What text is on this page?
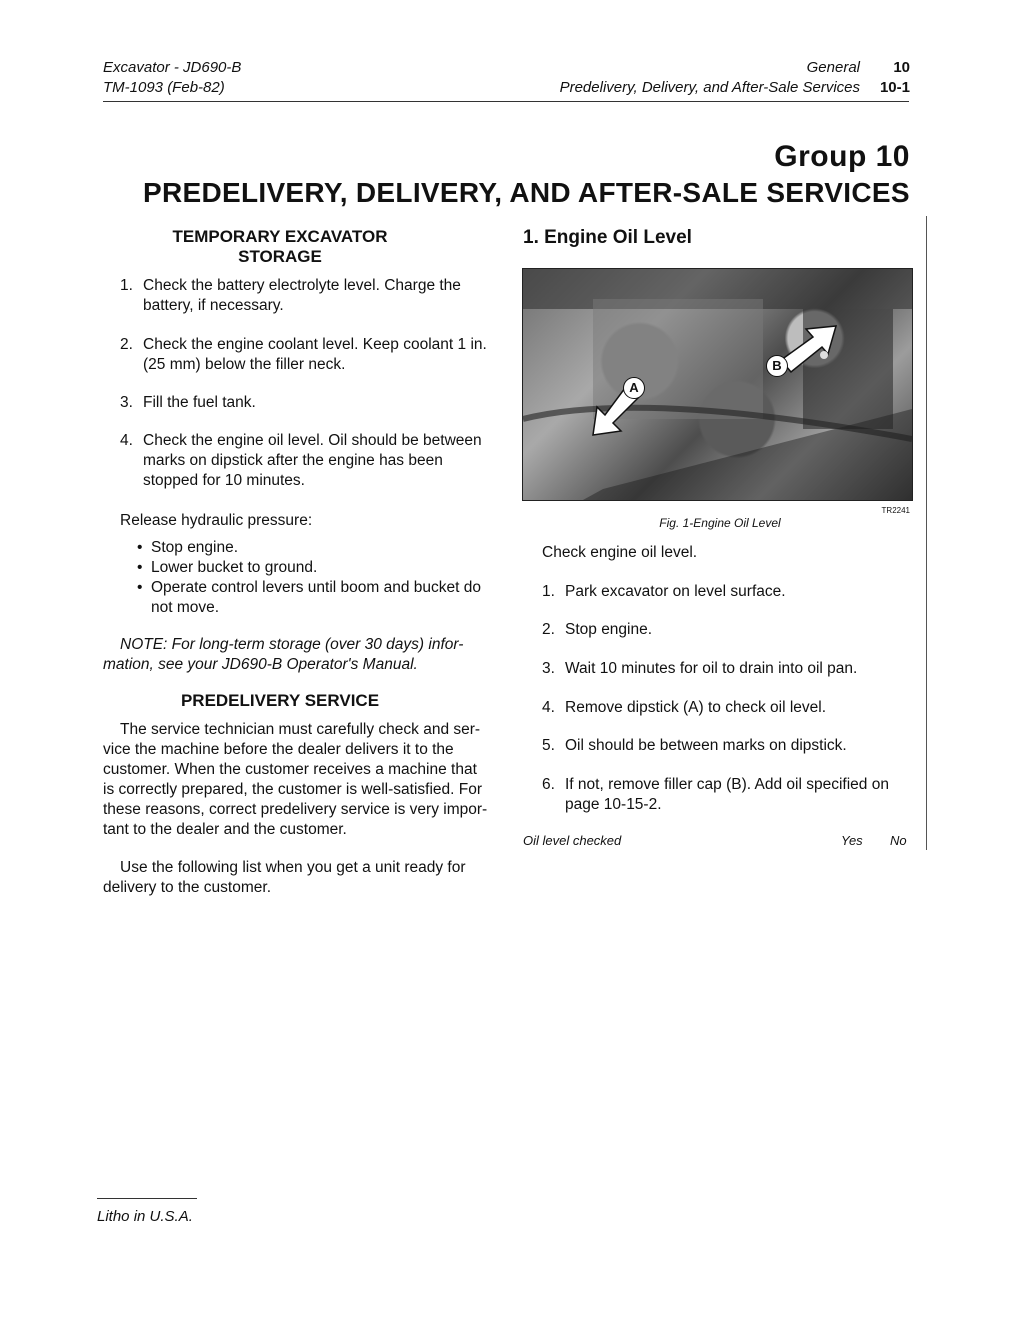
Excavator - JD690-B
TM-1093 (Feb-82)
General	10
Predelivery, Delivery, and After-Sale Services	10-1
Group 10
PREDELIVERY, DELIVERY, AND AFTER-SALE SERVICES
TEMPORARY EXCAVATOR
STORAGE
1. Check the battery electrolyte level. Charge the
battery, if necessary.
2. Check the engine coolant level. Keep coolant 1 in.
(25 mm) below the filler neck.
3. Fill the fuel tank.
4. Check the engine oil level. Oil should be between
marks on dipstick after the engine has been
stopped for 10 minutes.
Release hydraulic pressure:
• Stop engine.
• Lower bucket to ground.
• Operate control levers until boom and bucket do
not move.
NOTE: For long-term storage (over 30 days) infor-
mation, see your JD690-B Operator's Manual.
PREDELIVERY SERVICE
The service technician must carefully check and ser-
vice the machine before the dealer delivers it to the
customer. When the customer receives a machine that
is correctly prepared, the customer is well-satisfied. For
these reasons, correct predelivery service is very impor-
tant to the dealer and the customer.
Use the following list when you get a unit ready for
delivery to the customer.
1. Engine Oil Level
A
B
TR2241
Fig. 1-Engine Oil Level
Check engine oil level.
1. Park excavator on level surface.
2. Stop engine.
3. Wait 10 minutes for oil to drain into oil pan.
4. Remove dipstick (A) to check oil level.
5. Oil should be between marks on dipstick.
6. If not, remove filler cap (B). Add oil specified on
page 10-15-2.
Oil level checked	Yes No
Litho in U.S.A.
